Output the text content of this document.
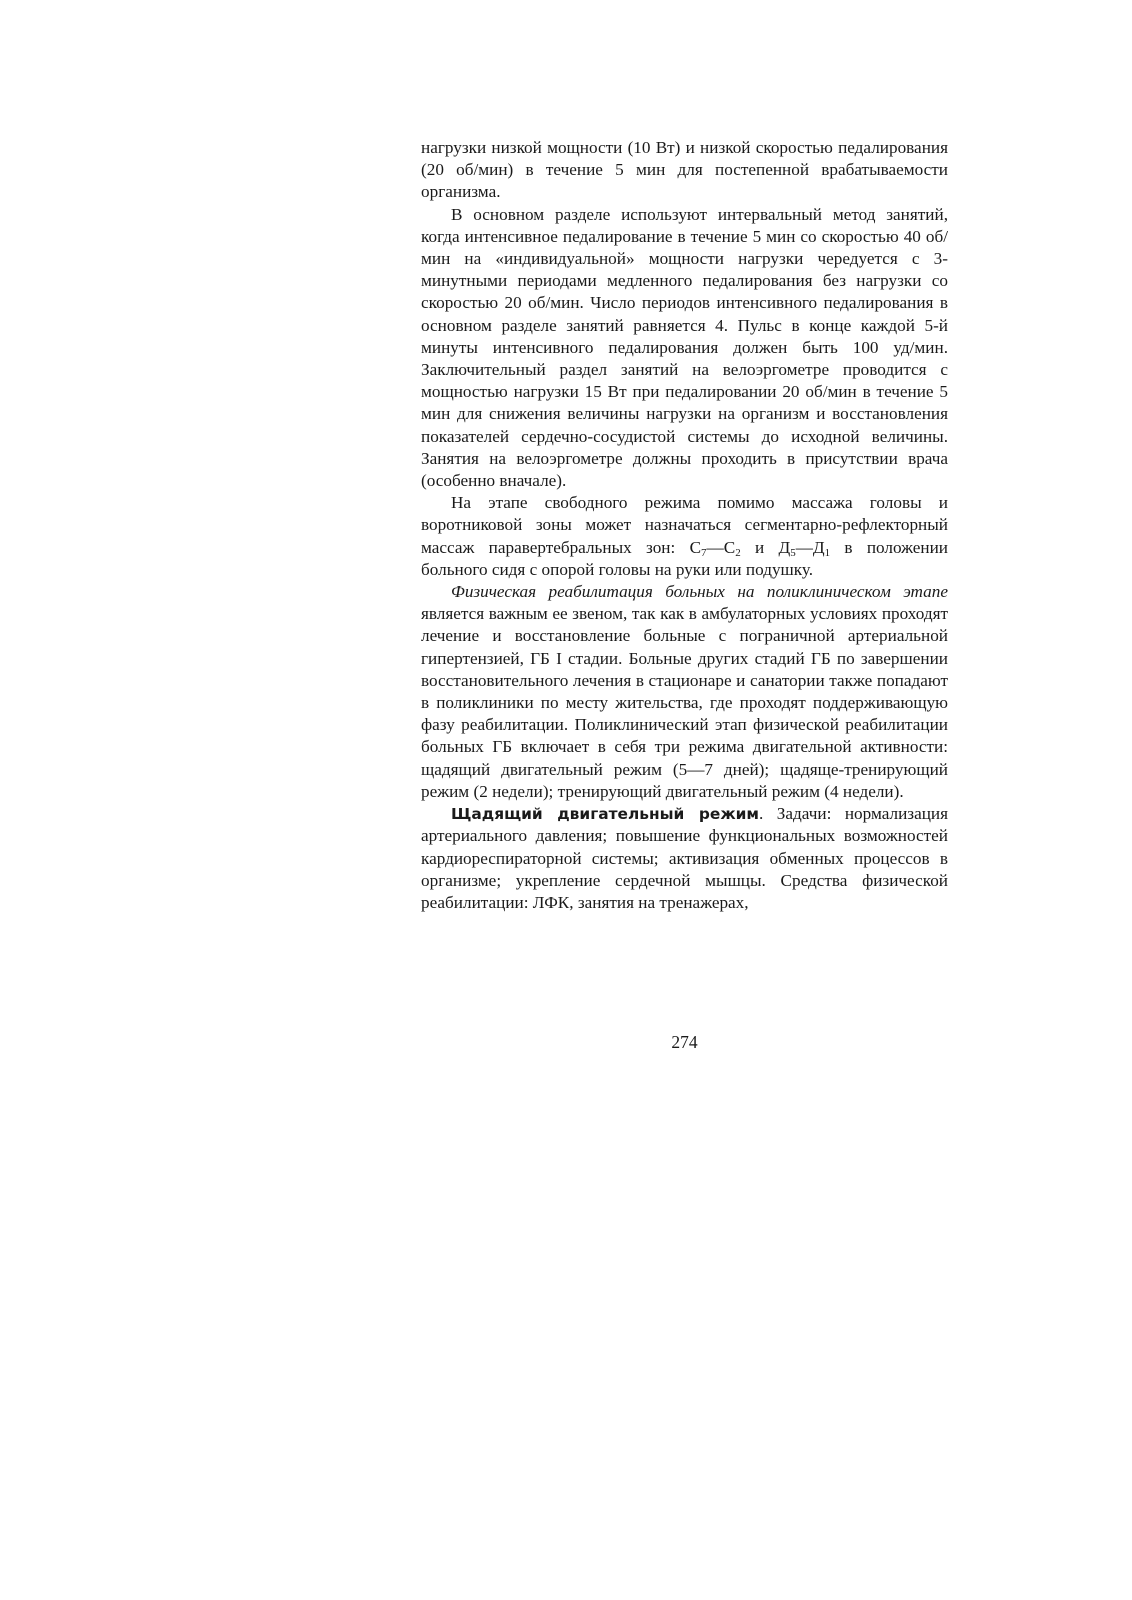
нагрузки низкой мощности (10 Вт) и низкой скоростью педалирования (20 об/мин) в течение 5 мин для постепенной врабатываемости организма.

В основном разделе используют интервальный метод занятий, когда интенсивное педалирование в течение 5 мин со скоростью 40 об/мин на «индивидуальной» мощности нагрузки чередуется с 3-минутными периодами медленного педалирования без нагрузки со скоростью 20 об/мин. Число периодов интенсивного педалирования в основном разделе занятий равняется 4. Пульс в конце каждой 5-й минуты интенсивного педалирования должен быть 100 уд/мин. Заключительный раздел занятий на велоэргометре проводится с мощностью нагрузки 15 Вт при педалировании 20 об/мин в течение 5 мин для снижения величины нагрузки на организм и восстановления показателей сердечно-сосудистой системы до исходной величины. Занятия на велоэргометре должны проходить в присутствии врача (особенно вначале).

На этапе свободного режима помимо массажа головы и воротниковой зоны может назначаться сегментарно-рефлекторный массаж паравертебральных зон: $С_7—С_2$ и $Д_5—Д_1$ в положении больного сидя с опорой головы на руки или подушку.

Физическая реабилитация больных на поликлиническом этапе является важным ее звеном, так как в амбулаторных условиях проходят лечение и восстановление больные с пограничной артериальной гипертензией, ГБ I стадии. Больные других стадий ГБ по завершении восстановительного лечения в стационаре и санатории также попадают в поликлиники по месту жительства, где проходят поддерживающую фазу реабилитации. Поликлинический этап физической реабилитации больных ГБ включает в себя три режима двигательной активности: щадящий двигательный режим (5—7 дней); щадяще-тренирующий режим (2 недели); тренирующий двигательный режим (4 недели).

Щадящий двигательный режим. Задачи: нормализация артериального давления; повышение функциональных возможностей кардиореспираторной системы; активизация обменных процессов в организме; укрепление сердечной мышцы. Средства физической реабилитации: ЛФК, занятия на тренажерах,

274
